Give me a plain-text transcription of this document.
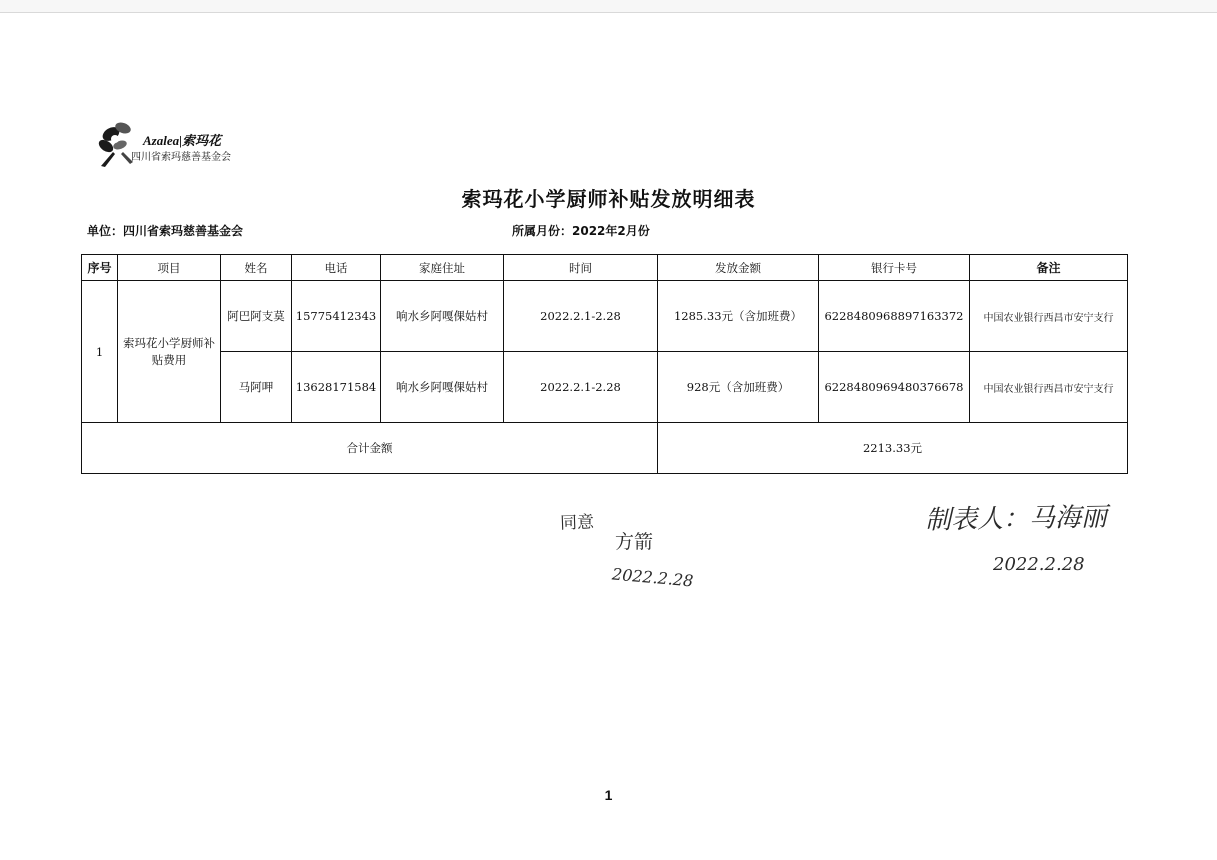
Azalea|索玛花
四川省索玛慈善基金会
索玛花小学厨师补贴发放明细表
单位：四川省索玛慈善基金会	所属月份：2022年2月份
序号	项目	姓名	电话	家庭住址	时间	发放金额	银行卡号	备注
1	索玛花小学厨师补贴费用	阿巴阿支莫	15775412343	响水乡阿嘎倮姑村	2022.2.1-2.28	1285.33元（含加班费）	6228480968897163372	中国农业银行西昌市安宁支行
		马阿呷	13628171584	响水乡阿嘎倮姑村	2022.2.1-2.28	928元（含加班费）	6228480969480376678	中国农业银行西昌市安宁支行
合计金额						2213.33元		
同意
方箭
2022.2.28
制表人：马海丽
2022.2.28
1
